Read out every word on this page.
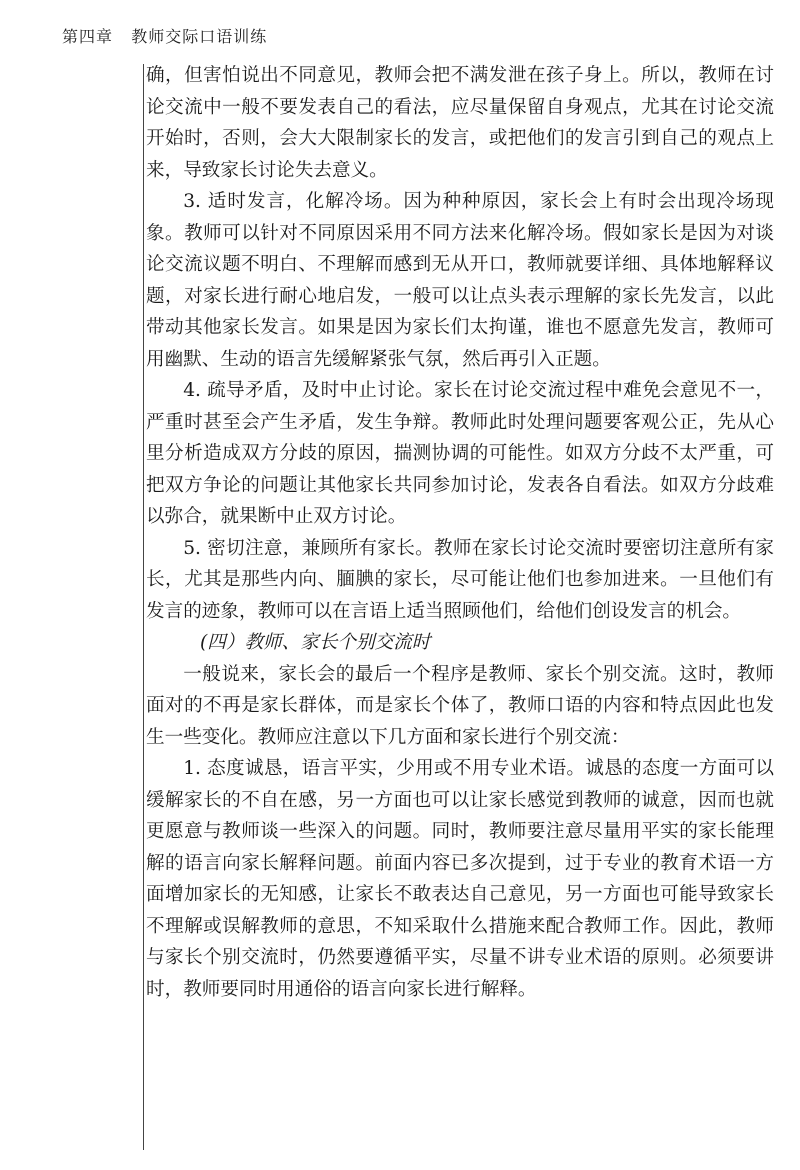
第四章   教师交际口语训练

确，但害怕说出不同意见，教师会把不满发泄在孩子身上。所以，教师在讨论交流中一般不要发表自己的看法，应尽量保留自身观点，尤其在讨论交流开始时，否则，会大大限制家长的发言，或把他们的发言引到自己的观点上来，导致家长讨论失去意义。

3. 适时发言，化解冷场。因为种种原因，家长会上有时会出现冷场现象。教师可以针对不同原因采用不同方法来化解冷场。假如家长是因为对谈论交流议题不明白、不理解而感到无从开口，教师就要详细、具体地解释议题，对家长进行耐心地启发，一般可以让点头表示理解的家长先发言，以此带动其他家长发言。如果是因为家长们太拘谨，谁也不愿意先发言，教师可用幽默、生动的语言先缓解紧张气氛，然后再引入正题。

4. 疏导矛盾，及时中止讨论。家长在讨论交流过程中难免会意见不一，严重时甚至会产生矛盾，发生争辩。教师此时处理问题要客观公正，先从心里分析造成双方分歧的原因，揣测协调的可能性。如双方分歧不太严重，可把双方争论的问题让其他家长共同参加讨论，发表各自看法。如双方分歧难以弥合，就果断中止双方讨论。

5. 密切注意，兼顾所有家长。教师在家长讨论交流时要密切注意所有家长，尤其是那些内向、腼腆的家长，尽可能让他们也参加进来。一旦他们有发言的迹象，教师可以在言语上适当照顾他们，给他们创设发言的机会。

(四）教师、家长个别交流时

一般说来，家长会的最后一个程序是教师、家长个别交流。这时，教师面对的不再是家长群体，而是家长个体了，教师口语的内容和特点因此也发生一些变化。教师应注意以下几方面和家长进行个别交流：

1. 态度诚恳，语言平实，少用或不用专业术语。诚恳的态度一方面可以缓解家长的不自在感，另一方面也可以让家长感觉到教师的诚意，因而也就更愿意与教师谈一些深入的问题。同时，教师要注意尽量用平实的家长能理解的语言向家长解释问题。前面内容已多次提到，过于专业的教育术语一方面增加家长的无知感，让家长不敢表达自己意见，另一方面也可能导致家长不理解或误解教师的意思，不知采取什么措施来配合教师工作。因此，教师与家长个别交流时，仍然要遵循平实，尽量不讲专业术语的原则。必须要讲时，教师要同时用通俗的语言向家长进行解释。
